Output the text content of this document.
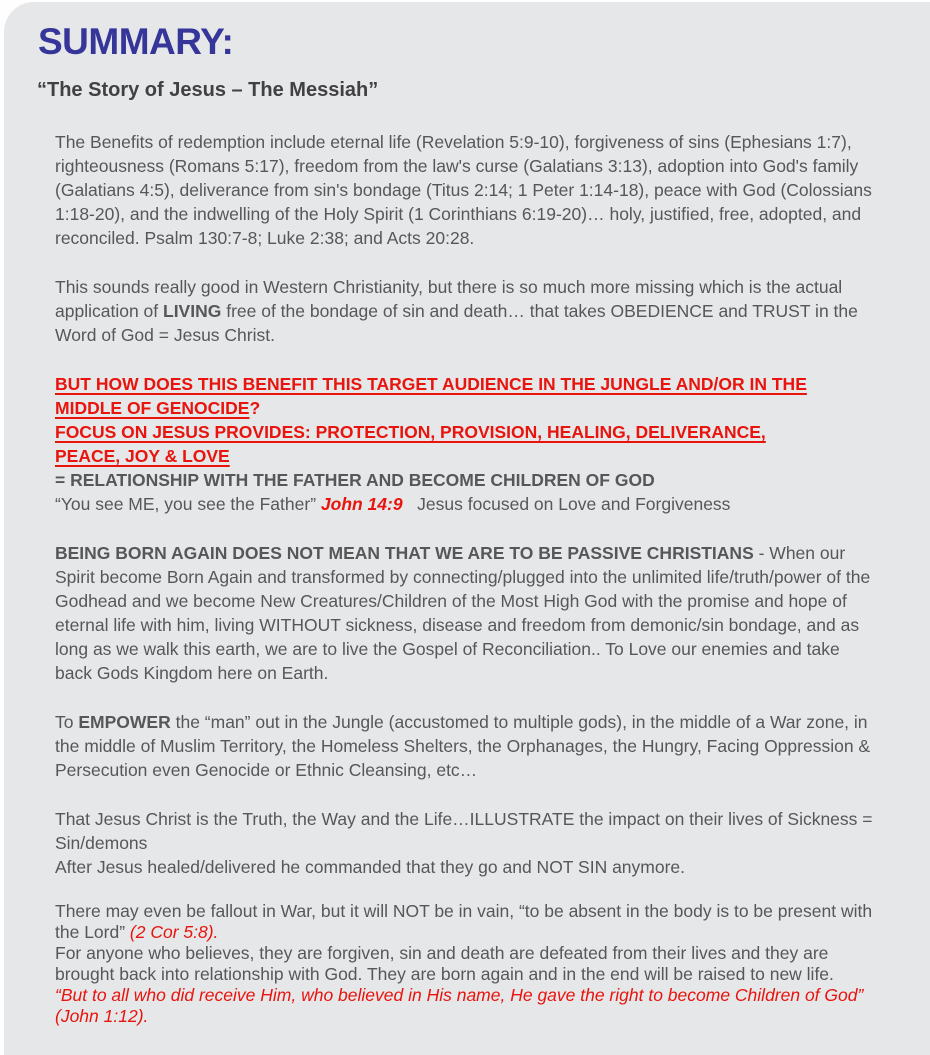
SUMMARY:
“The Story of Jesus – The Messiah”

The Benefits of redemption include eternal life (Revelation 5:9-10), forgiveness of sins (Ephesians 1:7), righteousness (Romans 5:17), freedom from the law's curse (Galatians 3:13), adoption into God's family (Galatians 4:5), deliverance from sin's bondage (Titus 2:14; 1 Peter 1:14-18), peace with God (Colossians 1:18-20), and the indwelling of the Holy Spirit (1 Corinthians 6:19-20)… holy, justified, free, adopted, and reconciled. Psalm 130:7-8; Luke 2:38; and Acts 20:28.

This sounds really good in Western Christianity, but there is so much more missing which is the actual application of LIVING free of the bondage of sin and death… that takes OBEDIENCE and TRUST in the Word of God = Jesus Christ.

BUT HOW DOES THIS BENEFIT THIS TARGET AUDIENCE IN THE JUNGLE AND/OR IN THE
MIDDLE OF GENOCIDE?
FOCUS ON JESUS PROVIDES: PROTECTION, PROVISION, HEALING, DELIVERANCE,
PEACE, JOY & LOVE
= RELATIONSHIP WITH THE FATHER AND BECOME CHILDREN OF GOD
“You see ME, you see the Father” John 14:9   Jesus focused on Love and Forgiveness

BEING BORN AGAIN DOES NOT MEAN THAT WE ARE TO BE PASSIVE CHRISTIANS - When our Spirit become Born Again and transformed by connecting/plugged into the unlimited life/truth/power of the Godhead and we become New Creatures/Children of the Most High God with the promise and hope of eternal life with him, living WITHOUT sickness, disease and freedom from demonic/sin bondage, and as long as we walk this earth, we are to live the Gospel of Reconciliation.. To Love our enemies and take back Gods Kingdom here on Earth.

To EMPOWER the “man” out in the Jungle (accustomed to multiple gods), in the middle of a War zone, in the middle of Muslim Territory, the Homeless Shelters, the Orphanages, the Hungry, Facing Oppression & Persecution even Genocide or Ethnic Cleansing, etc…

That Jesus Christ is the Truth, the Way and the Life…ILLUSTRATE the impact on their lives of Sickness = Sin/demons
After Jesus healed/delivered he commanded that they go and NOT SIN anymore.

There may even be fallout in War, but it will NOT be in vain, “to be absent in the body is to be present with the Lord” (2 Cor 5:8).
For anyone who believes, they are forgiven, sin and death are defeated from their lives and they are brought back into relationship with God. They are born again and in the end will be raised to new life.
“But to all who did receive Him, who believed in His name, He gave the right to become Children of God” (John 1:12).
